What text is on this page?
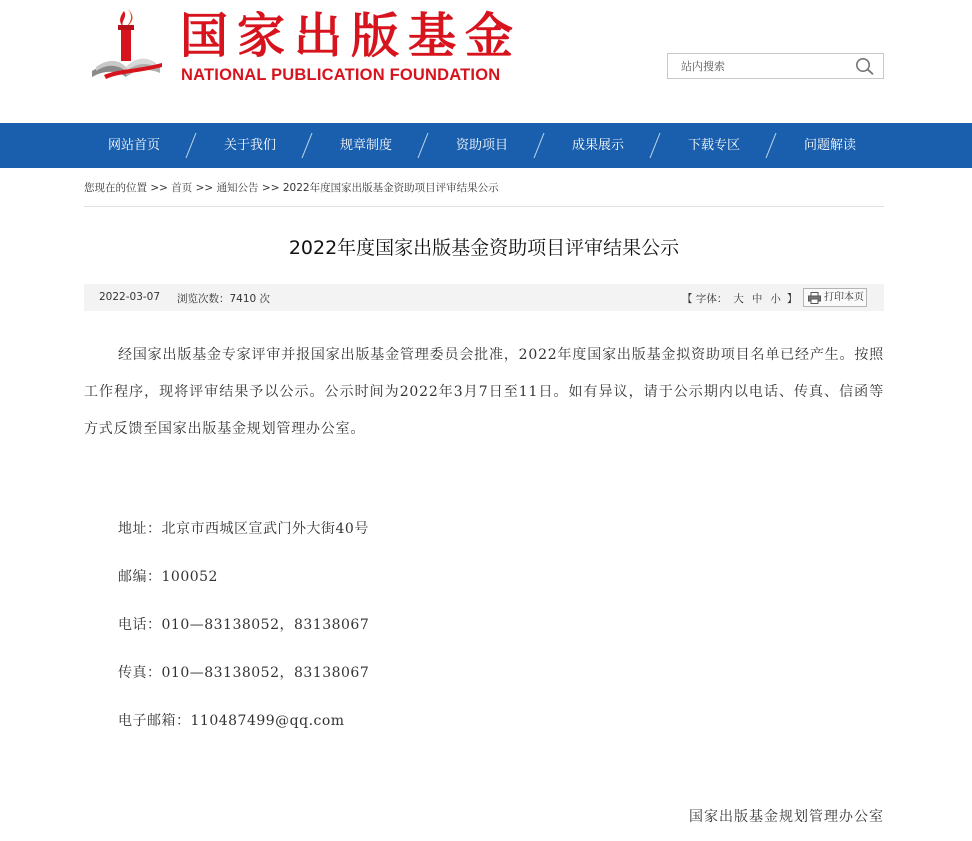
国家出版基金
NATIONAL PUBLICATION FOUNDATION
站内搜索
网站首页	关于我们	规章制度	资助项目	成果展示	下载专区	问题解读
您现在的位置 >> 首页 >> 通知公告 >> 2022年度国家出版基金资助项目评审结果公示
2022年度国家出版基金资助项目评审结果公示
2022-03-07 浏览次数：7410 次	【 字体： 大 中 小 】	打印本页
经国家出版基金专家评审并报国家出版基金管理委员会批准，2022年度国家出版基金拟资助项目名单已经产生。按照工作程序，现将评审结果予以公示。公示时间为2022年3月7日至11日。如有异议，请于公示期内以电话、传真、信函等方式反馈至国家出版基金规划管理办公室。
地址：北京市西城区宣武门外大街40号
邮编：100052
电话：010—83138052，83138067
传真：010—83138052，83138067
电子邮箱：110487499@qq.com
国家出版基金规划管理办公室
